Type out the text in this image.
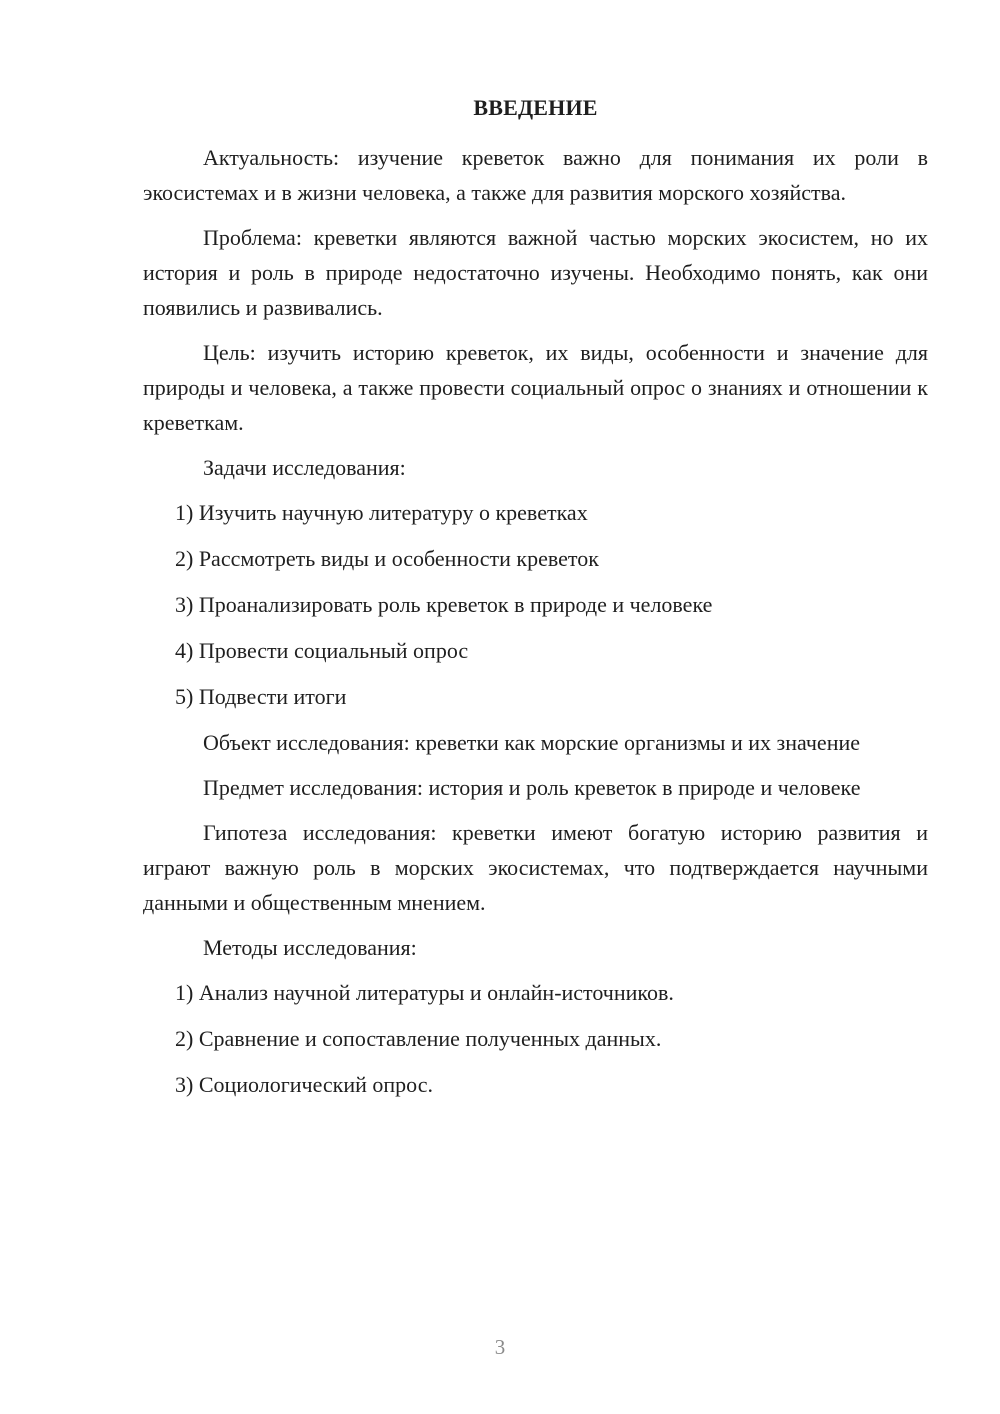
ВВЕДЕНИЕ

Актуальность: изучение креветок важно для понимания их роли в экосистемах и в жизни человека, а также для развития морского хозяйства.

Проблема: креветки являются важной частью морских экосистем, но их история и роль в природе недостаточно изучены. Необходимо понять, как они появились и развивались.

Цель: изучить историю креветок, их виды, особенности и значение для природы и человека, а также провести социальный опрос о знаниях и отношении к креветкам.

Задачи исследования:

1) Изучить научную литературу о креветках
2) Рассмотреть виды и особенности креветок
3) Проанализировать роль креветок в природе и человеке
4) Провести социальный опрос
5) Подвести итоги

Объект исследования: креветки как морские организмы и их значение

Предмет исследования: история и роль креветок в природе и человеке

Гипотеза исследования: креветки имеют богатую историю развития и играют важную роль в морских экосистемах, что подтверждается научными данными и общественным мнением.

Методы исследования:

1) Анализ научной литературы и онлайн-источников.
2) Сравнение и сопоставление полученных данных.
3) Социологический опрос.
3
